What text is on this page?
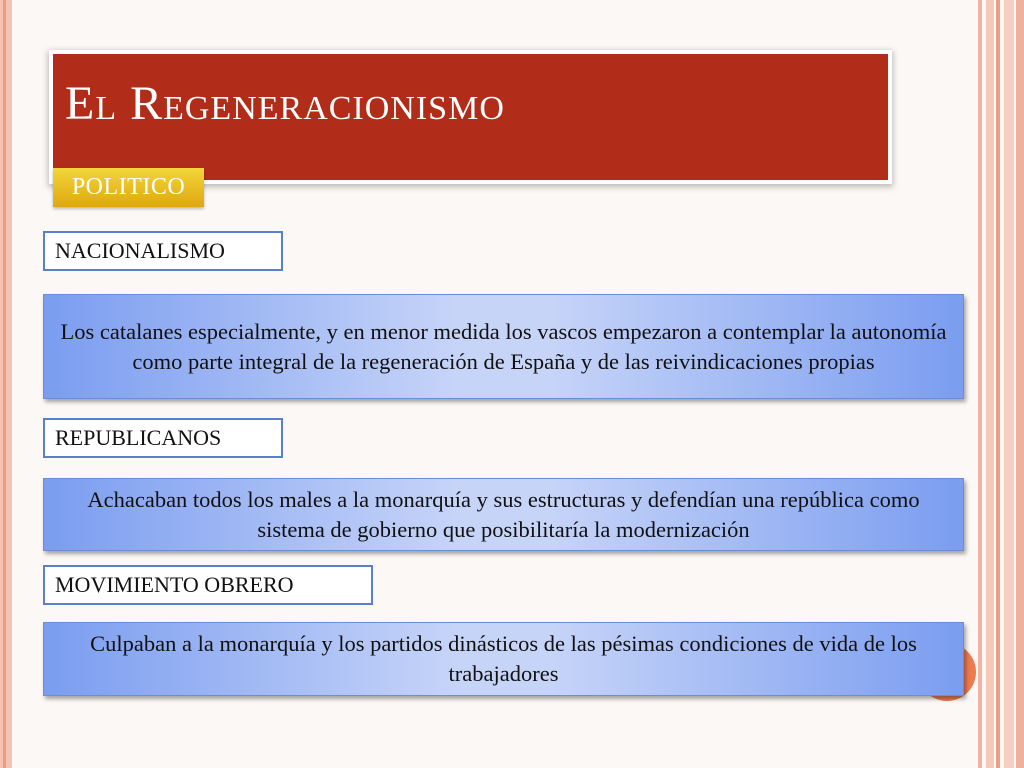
El Regeneracionismo
POLITICO
NACIONALISMO
Los catalanes especialmente, y en menor medida los vascos empezaron a contemplar la autonomía como parte integral de la regeneración de España y de las reivindicaciones propias
REPUBLICANOS
Achacaban todos los males a la monarquía y sus estructuras y defendían una república como sistema de gobierno que posibilitaría la modernización
MOVIMIENTO OBRERO
Culpaban a la monarquía y los partidos dinásticos de las pésimas condiciones de vida de los trabajadores
